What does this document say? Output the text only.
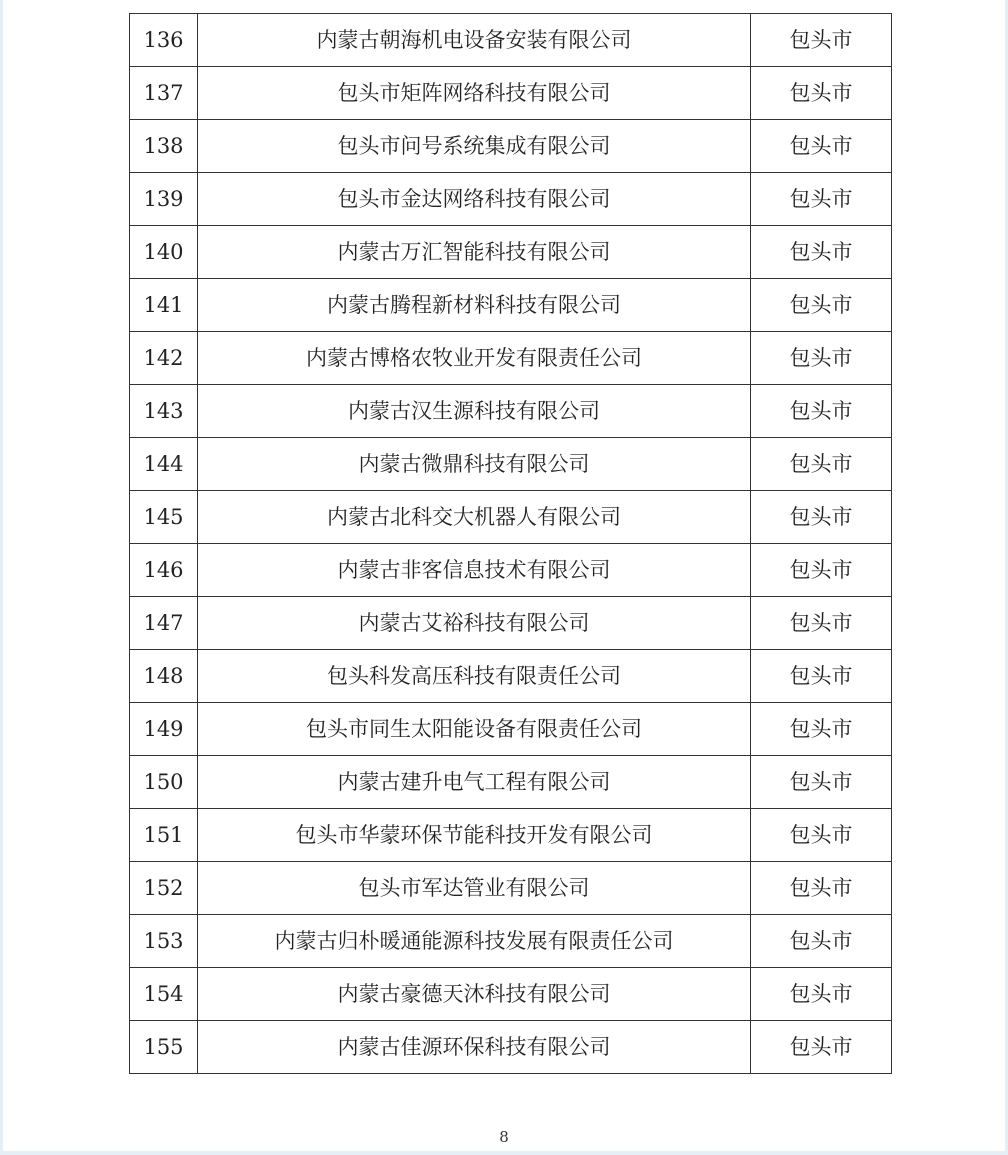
136	内蒙古朝海机电设备安装有限公司	包头市
137	包头市矩阵网络科技有限公司	包头市
138	包头市问号系统集成有限公司	包头市
139	包头市金达网络科技有限公司	包头市
140	内蒙古万汇智能科技有限公司	包头市
141	内蒙古腾程新材料科技有限公司	包头市
142	内蒙古博格农牧业开发有限责任公司	包头市
143	内蒙古汉生源科技有限公司	包头市
144	内蒙古微鼎科技有限公司	包头市
145	内蒙古北科交大机器人有限公司	包头市
146	内蒙古非客信息技术有限公司	包头市
147	内蒙古艾裕科技有限公司	包头市
148	包头科发高压科技有限责任公司	包头市
149	包头市同生太阳能设备有限责任公司	包头市
150	内蒙古建升电气工程有限公司	包头市
151	包头市华蒙环保节能科技开发有限公司	包头市
152	包头市军达管业有限公司	包头市
153	内蒙古归朴暖通能源科技发展有限责任公司	包头市
154	内蒙古豪德天沐科技有限公司	包头市
155	内蒙古佳源环保科技有限公司	包头市
8
